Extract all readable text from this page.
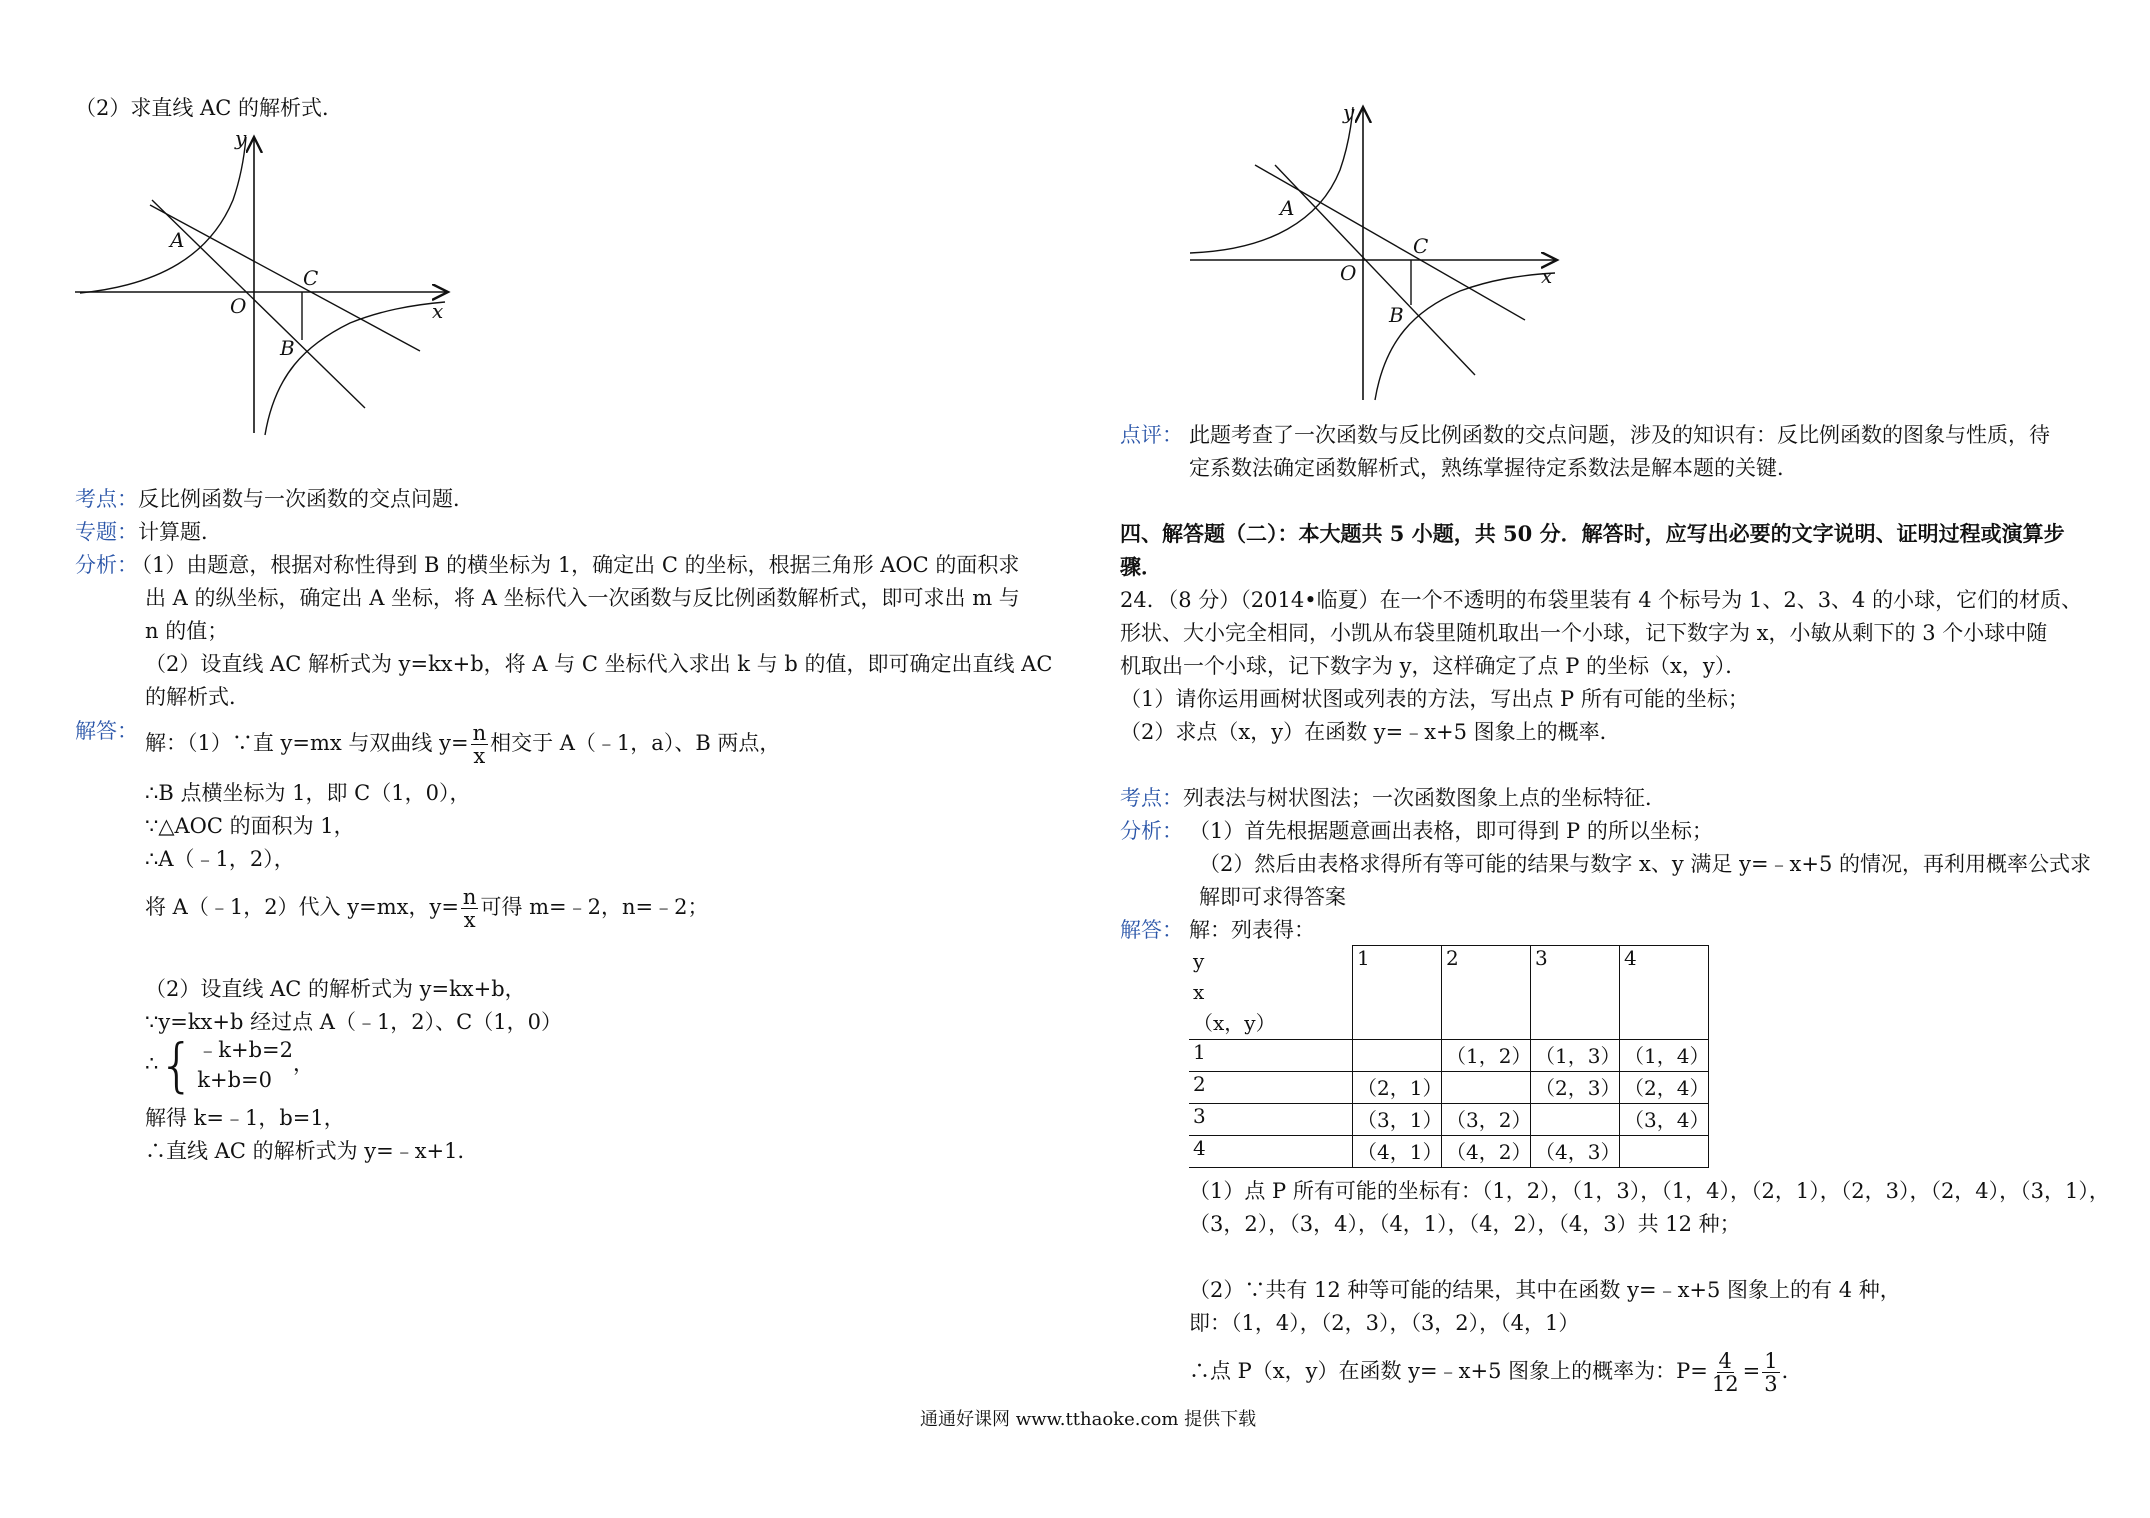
（2）求直线 AC 的解析式．
y
x
A
O
C
B
考点：反比例函数与一次函数的交点问题．
专题：计算题．
分析：
（1）由题意，根据对称性得到 B 的横坐标为 1，确定出 C 的坐标，根据三角形 AOC 的面积求
出 A 的纵坐标，确定出 A 坐标，将 A 坐标代入一次函数与反比例函数解析式，即可求出 m 与
n 的值；
（2）设直线 AC 解析式为 y=kx+b，将 A 与 C 坐标代入求出 k 与 b 的值，即可确定出直线 AC
的解析式．
解答： 解：（1）∵直 y=mx 与双曲线 $y= \frac{n}{x}$ 相交于 A（﹣1，a）、B 两点，
∴B 点横坐标为 1，即 C（1，0），
∵△AOC 的面积为 1，
∴A（﹣1，2），
将 A（﹣1，2）代入 y=mx，$y= \frac{n}{x}$ 可得 m=﹣2，n=﹣2；
（2）设直线 AC 的解析式为 y=kx+b，
∵y=kx+b 经过点 A（﹣1，2）、C（1，0）
∴ { ﹣k+b=2
k+b=0
，
解得 k=﹣1，b=1，
∴直线 AC 的解析式为 y=﹣x+1．
y
x
A
O
C
B
点评： 此题考查了一次函数与反比例函数的交点问题，涉及的知识有：反比例函数的图象与性质，待
定系数法确定函数解析式，熟练掌握待定系数法是解本题的关键．
四、解答题（二）：本大题共 5 小题，共 50 分．解答时，应写出必要的文字说明、证明过程或演算步
骤．
24．（8 分）（2014•临夏）在一个不透明的布袋里装有 4 个标号为 1、2、3、4 的小球，它们的材质、
形状、大小完全相同，小凯从布袋里随机取出一个小球，记下数字为 x，小敏从剩下的 3 个小球中随
机取出一个小球，记下数字为 y，这样确定了点 P 的坐标（x，y）．
（1）请你运用画树状图或列表的方法，写出点 P 所有可能的坐标；
（2）求点（x，y）在函数 y=﹣x+5 图象上的概率．
考点：列表法与树状图法；一次函数图象上点的坐标特征．
分析： （1）首先根据题意画出表格，即可得到 P 的所以坐标；
（2）然后由表格求得所有等可能的结果与数字 x、y 满足 y=﹣x+5 的情况，再利用概率公式求
解即可求得答案
解答： 解：列表得：
y
x
（x，y）	1	2	3	4
1		（1，2）	（1，3）	（1，4）
2	（2，1）		（2，3）	（2，4）
3	（3，1）	（3，2）		（3，4）
4	（4，1）	（4，2）	（4，3）	
（1）点 P 所有可能的坐标有：（1，2），（1，3），（1，4），（2，1），（2，3），（2，4），（3，1），
（3，2），（3，4），（4，1），（4，2），（4，3）共 12 种；
（2）∵共有 12 种等可能的结果，其中在函数 y=﹣x+5 图象上的有 4 种，
即：（1，4），（2，3），（3，2），（4，1）
∴点 P（x，y）在函数 y=﹣x+5 图象上的概率为：$P= \frac{4}{12} = \frac{1}{3}$ ．
通通好课网 www.tthaoke.com 提供下载
